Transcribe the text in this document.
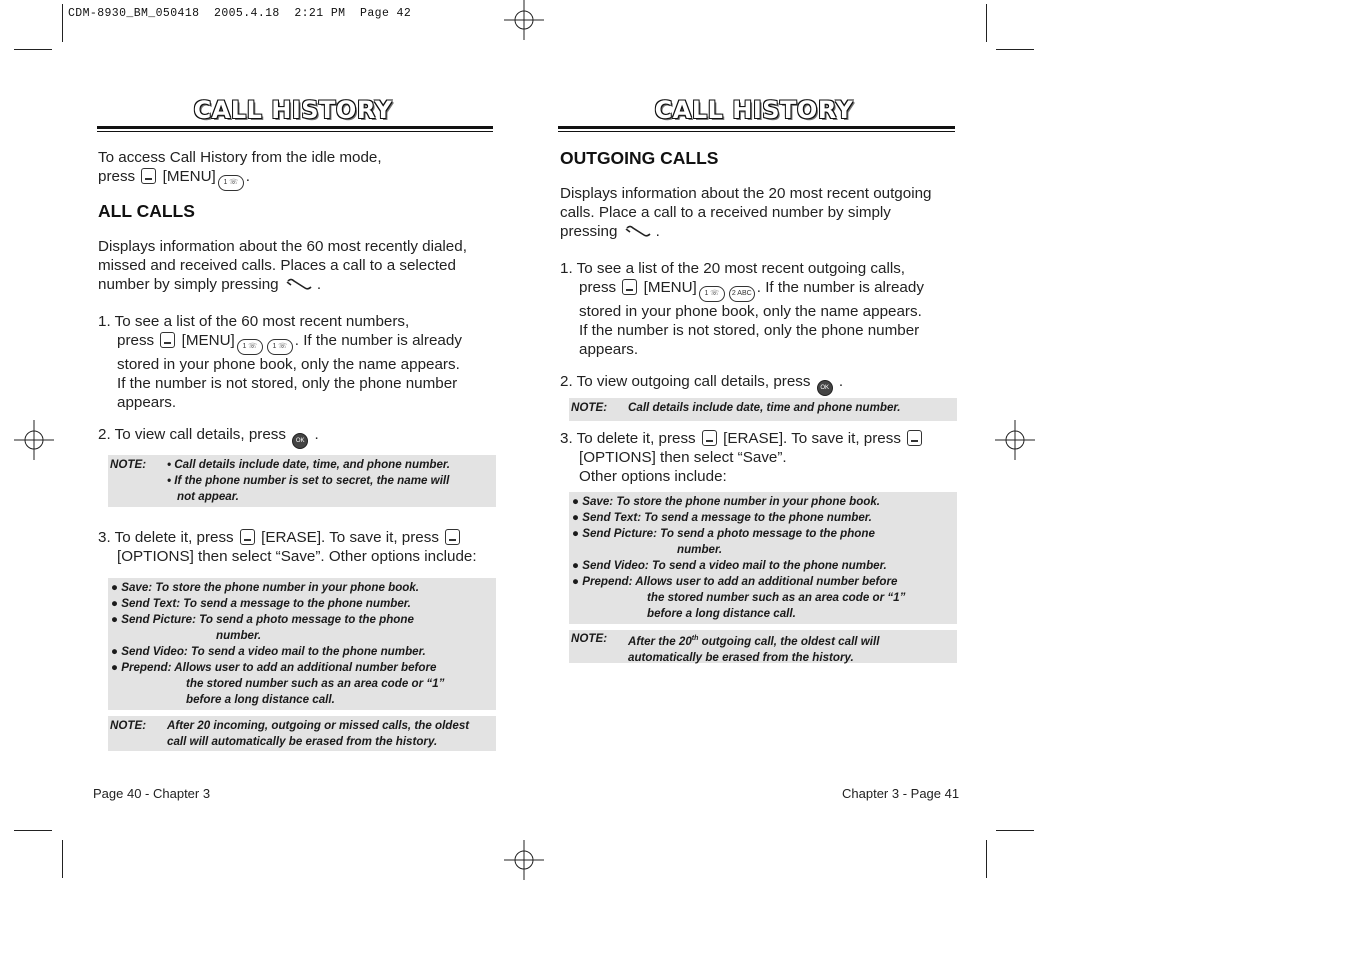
CDM-8930_BM_050418  2005.4.18  2:21 PM  Page 42
CALL HISTORY
To access Call History from the idle mode,
press [MENU] 1 ☏ .
ALL CALLS
Displays information about the 60 most recently dialed,
missed and received calls. Places a call to a selected
number by simply pressing	.
1. To see a list of the 60 most recent numbers,
press [MENU] 1 ☏ 1 ☏ . If the number is already
stored in your phone book, only the name appears.
If the number is not stored, only the phone number
appears.
2. To view call details, press OK .
NOTE: • Call details include date, time, and phone number.
• If the phone number is set to secret, the name will
not appear.
3. To delete it, press [ERASE]. To save it, press
[OPTIONS] then select “Save”. Other options include:
● Save: To store the phone number in your phone book.
● Send Text: To send a message to the phone number.
● Send Picture: To send a photo message to the phone
number.
● Send Video: To send a video mail to the phone number.
● Prepend: Allows user to add an additional number before
the stored number such as an area code or “1”
before a long distance call.
NOTE: After 20 incoming, outgoing or missed calls, the oldest
call will automatically be erased from the history.
Page 40 - Chapter 3
CALL HISTORY
OUTGOING CALLS
Displays information about the 20 most recent outgoing
calls. Place a call to a received number by simply
pressing	.
1. To see a list of the 20 most recent outgoing calls,
press [MENU] 1 ☏ 2 ABC . If the number is already
stored in your phone book, only the name appears.
If the number is not stored, only the phone number
appears.
2. To view outgoing call details, press OK .
NOTE: Call details include date, time and phone number.
3. To delete it, press [ERASE]. To save it, press
[OPTIONS] then select “Save”.
Other options include:
● Save: To store the phone number in your phone book.
● Send Text: To send a message to the phone number.
● Send Picture: To send a photo message to the phone
number.
● Send Video: To send a video mail to the phone number.
● Prepend: Allows user to add an additional number before
the stored number such as an area code or “1”
before a long distance call.
NOTE: After the 20th outgoing call, the oldest call will
automatically be erased from the history.
Chapter 3 - Page 41
